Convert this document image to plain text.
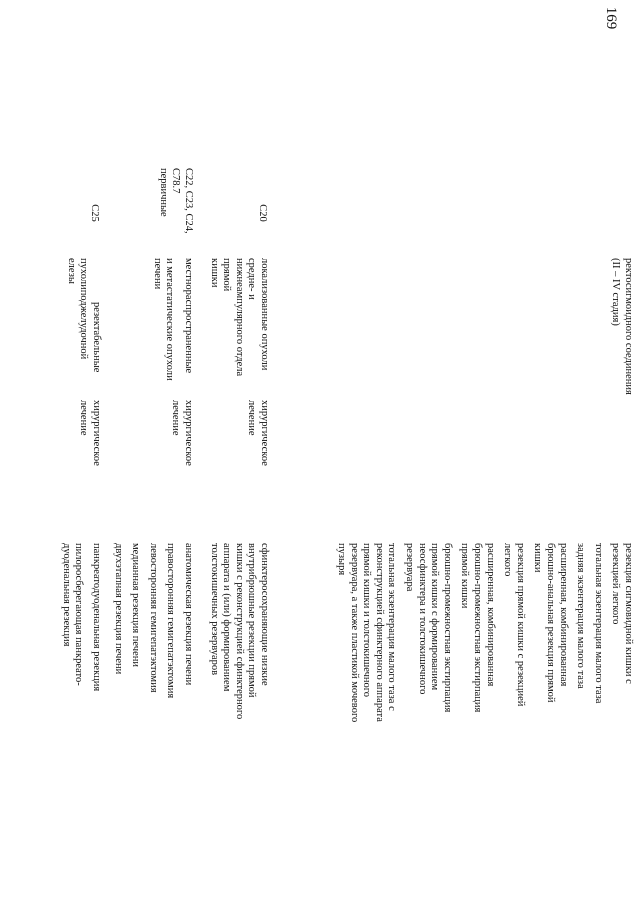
169
ректосигмоидного соединения
(II – IV стадия)
резекция сигмовидной кишки с
резекцией легкого
тотальная экзентерация малого таза
задняя экзентерация малого таза
расширенная, комбинированная
брюшно-анальная резекция прямой
кишки
резекция прямой кишки с резекцией
легкого
расширенная, комбинированная
брюшно-промежностная экстирпация
прямой кишки
брюшно-промежностная экстирпация
прямой кишки с формированием
неосфинктера и толстокишечного
резервуара
тотальная экзентерация малого таза с
реконструкцией сфинктерного аппарата
прямой кишки и толстокишечного
резервуара, а также пластикой мочевого
пузыря
C20
локализованные опухоли средне- и
нижнеампулярного отдела прямой
кишки
хирургическое
лечение
сфинктеросохраняющие низкие
внутрибрюшные резекции прямой
кишки с реконструкцией сфинктерного
аппарата и (или) формированием
толстокишечных резервуаров
C22, C23, C24, C78.7
первичные
местнораспространенные
и метастатические опухоли печени
хирургическое
лечение
анатомическая резекция печени
правосторонняя гемигепатэктомия
левосторонняя гемигепатэктомия
медианная резекция печени
двухэтапная резекция печени
C25
резектабельные
пухолиподжелудочной
елезы
хирургическое
лечение
панкреатодуоденальная резекция
пилоросберегающая панкреато-
дуоденальная резекция
